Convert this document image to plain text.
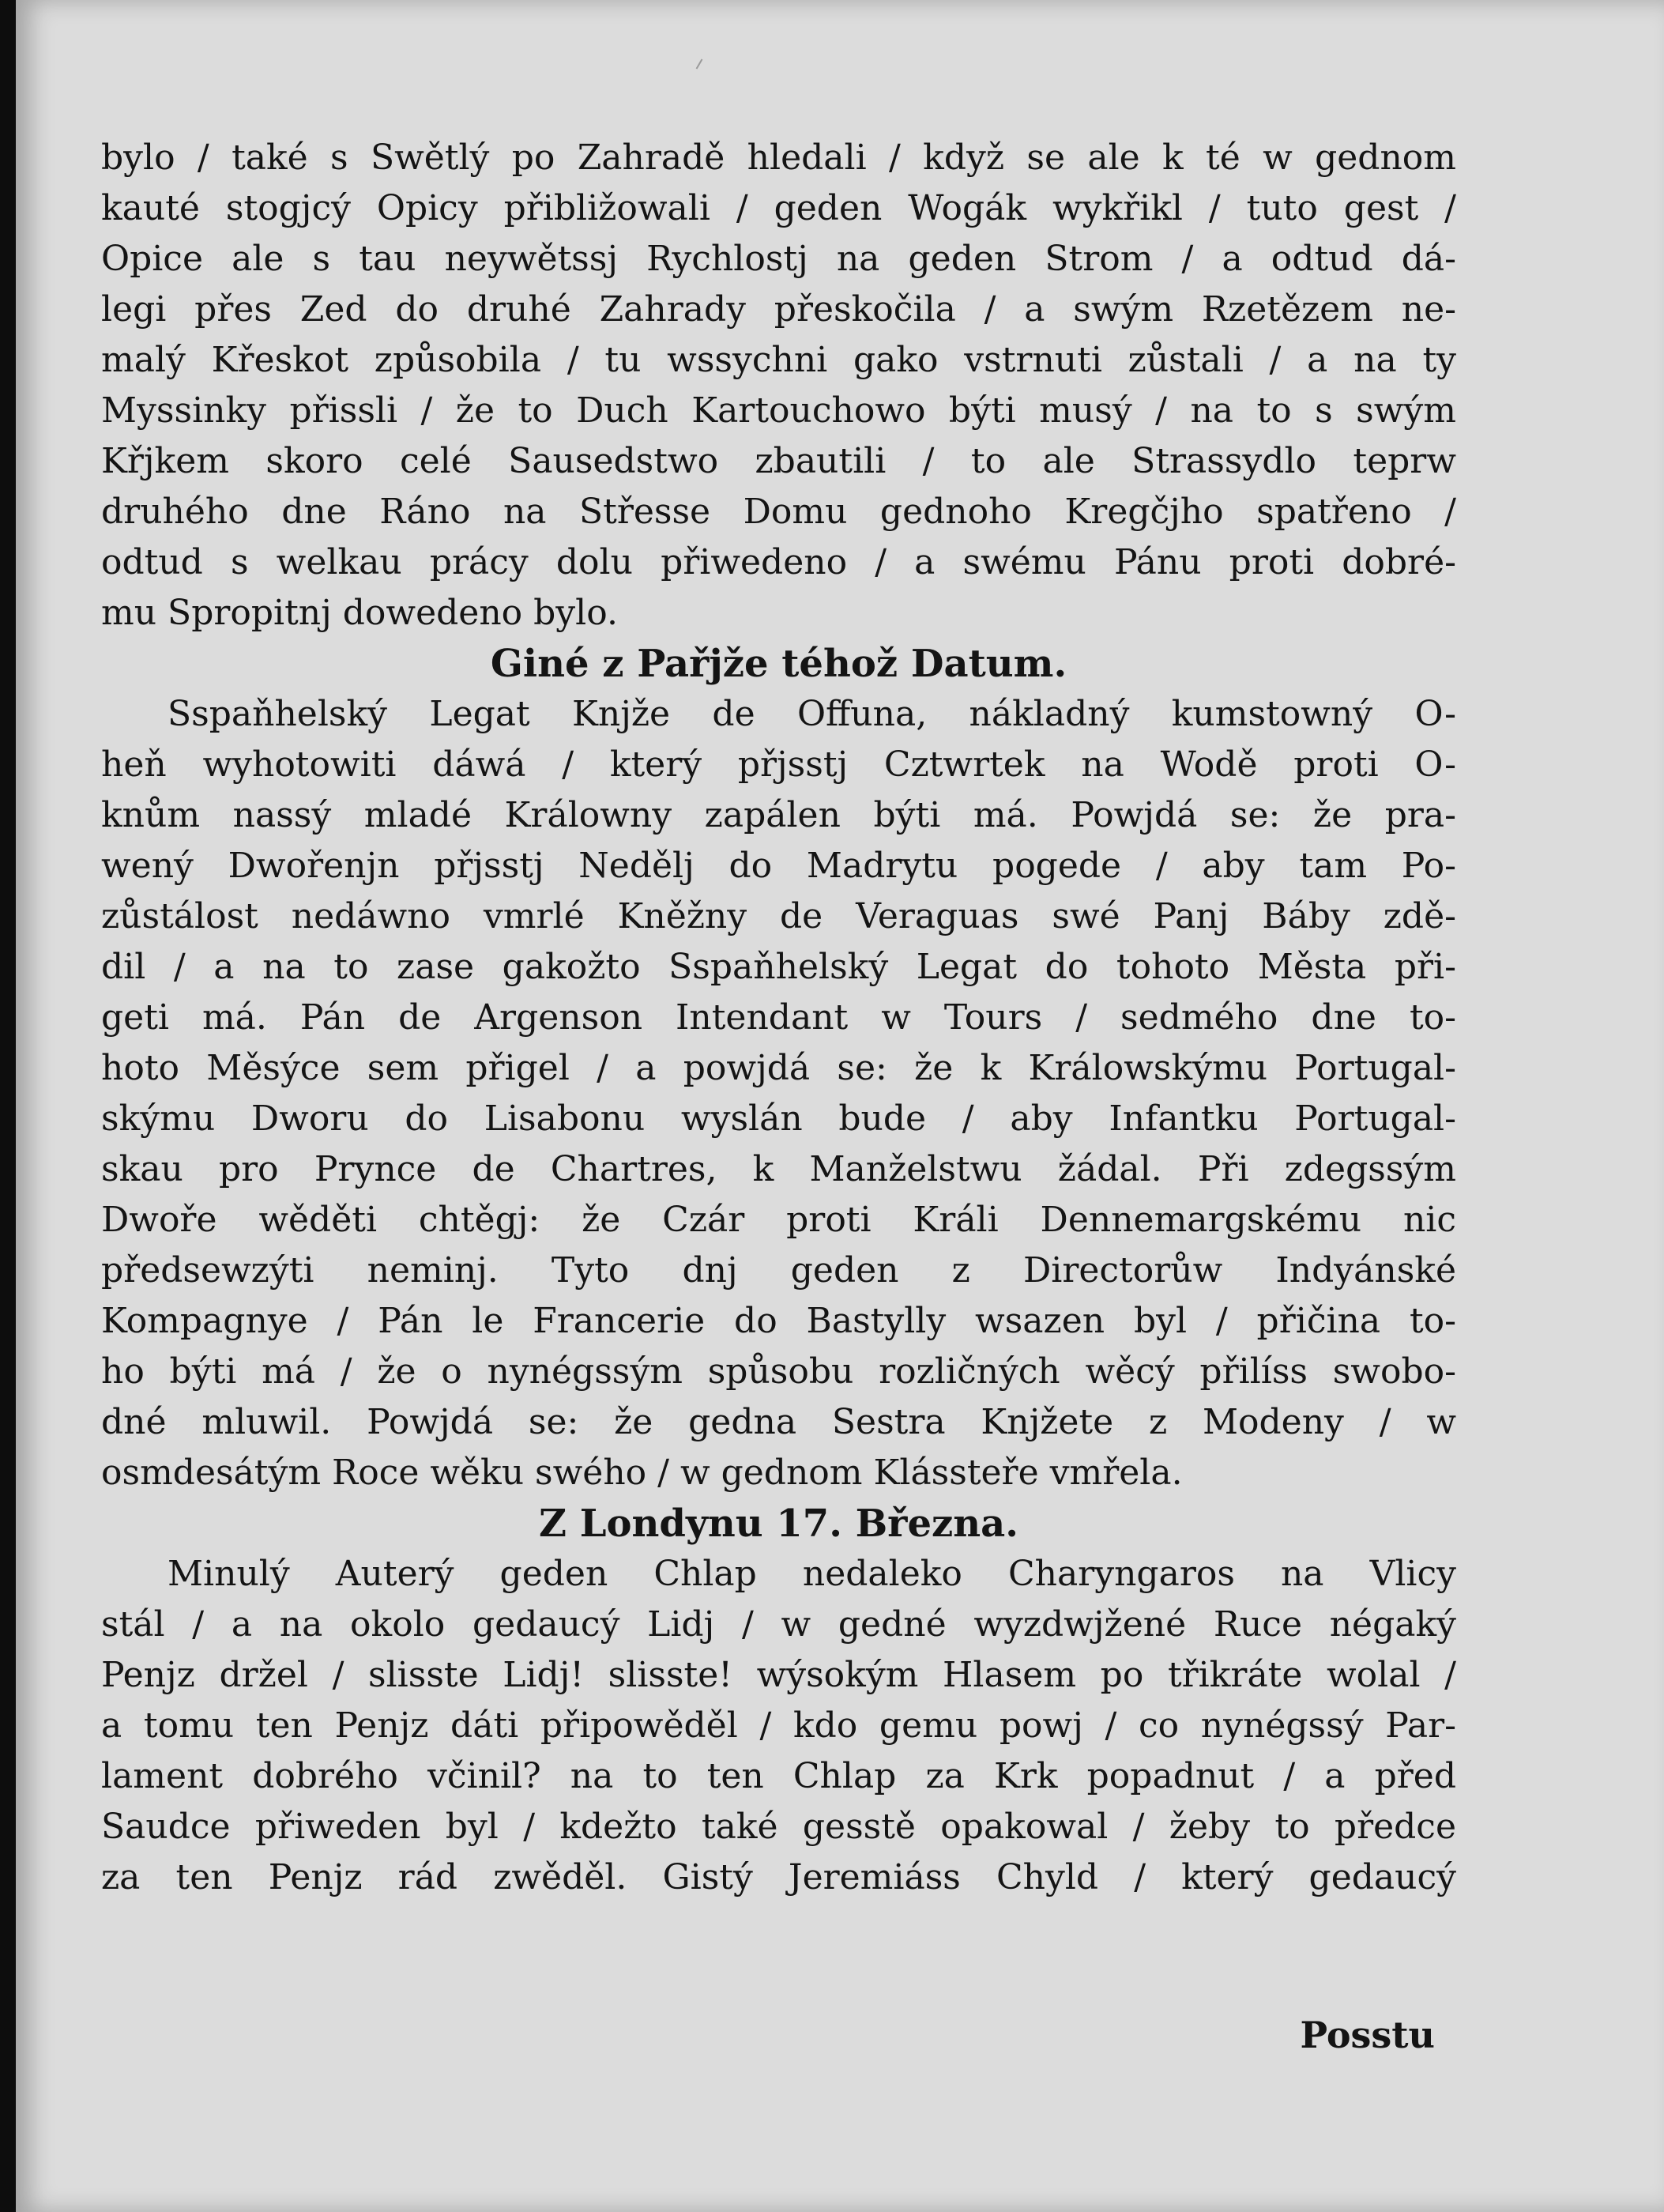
bylo / také s Swětlý po Zahradě hledali / když se ale k té w gednom
kauté stogjcý Opicy přibližowali / geden Wogák wykřikl / tuto gest /
Opice ale s tau neywětssj Rychlostj na geden Strom / a odtud dá-
legi přes Zed do druhé Zahrady přeskočila / a swým Rzetězem ne-
malý Křeskot způsobila / tu wssychni gako vstrnuti zůstali / a na ty
Myssinky přissli / že to Duch Kartouchowo býti musý / na to s swým
Křjkem skoro celé Sausedstwo zbautili / to ale Strassydlo teprw
druhého dne Ráno na Střesse Domu gednoho Kregčjho spatřeno /
odtud s welkau prácy dolu přiwedeno / a swému Pánu proti dobré-
mu Spropitnj dowedeno bylo.
Giné z Pařjže téhož Datum.
Sspaňhelský Legat Knjže de Offuna, nákladný kumstowný O-
heň wyhotowiti dáwá / který přjsstj Cztwrtek na Wodě proti O-
knům nassý mladé Králowny zapálen býti má. Powjdá se: že pra-
wený Dwořenjn přjsstj Nedělj do Madrytu pogede / aby tam Po-
zůstálost nedáwno vmrlé Kněžny de Veraguas swé Panj Báby zdě-
dil / a na to zase gakožto Sspaňhelský Legat do tohoto Města při-
geti má. Pán de Argenson Intendant w Tours / sedmého dne to-
hoto Měsýce sem přigel / a powjdá se: že k Králowskýmu Portugal-
skýmu Dworu do Lisabonu wyslán bude / aby Infantku Portugal-
skau pro Prynce de Chartres, k Manželstwu žádal. Při zdegssým
Dwoře wěděti chtěgj: že Czár proti Králi Dennemargskému nic
předsewzýti neminj. Tyto dnj geden z Directorůw Indyánské
Kompagnye / Pán le Francerie do Bastylly wsazen byl / přičina to-
ho býti má / že o nynégssým spůsobu rozličných wěcý přilíss swobo-
dné mluwil. Powjdá se: že gedna Sestra Knjžete z Modeny / w
osmdesátým Roce wěku swého / w gednom Klássteře vmřela.
Z Londynu 17. Března.
Minulý Auterý geden Chlap nedaleko Charyngaros na Vlicy
stál / a na okolo gedaucý Lidj / w gedné wyzdwjžené Ruce négaký
Penjz držel / slisste Lidj! slisste! wýsokým Hlasem po třikráte wolal /
a tomu ten Penjz dáti připowěděl / kdo gemu powj / co nynégssý Par-
lament dobrého včinil? na to ten Chlap za Krk popadnut / a před
Saudce přiweden byl / kdežto také gesstě opakowal / žeby to předce
za ten Penjz rád zwěděl. Gistý Jeremiáss Chyld / který gedaucý
Posstu
